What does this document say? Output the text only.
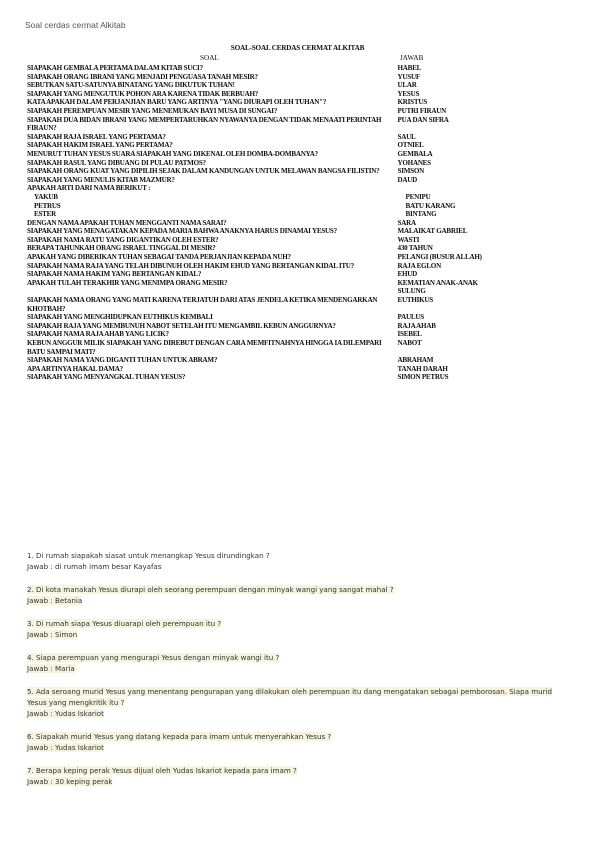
Soal cerdas cermat Alkitab
SOAL-SOAL CERDAS CERMAT ALKITAB
SOAL	JAWAB
SIAPAKAH GEMBALA PERTAMA DALAM KITAB SUCI?	HABEL
SIAPAKAH ORANG IBRANI YANG MENJADI PENGUASA TANAH MESIR?	YUSUF
SEBUTKAN SATU-SATUNYA BINATANG YANG DIKUTUK TUHAN!	ULAR
SIAPAKAH YANG MENGUTUK POHON ARA KARENA TIDAK BERBUAH?	YESUS
KATA APAKAH DALAM PERJANJIAN BARU YANG ARTINYA "YANG DIURAPI OLEH TUHAN"?	KRISTUS
SIAPAKAH PEREMPUAN MESIR YANG MENEMUKAN BAYI MUSA DI SUNGAI?	PUTRI FIRAUN
SIAPAKAH DUA BIDAN IBRANI YANG MEMPERTARUHKAN NYAWANYA DENGAN TIDAK MENAATI PERINTAH FIRAUN?	PUA DAN SIFRA
SIAPAKAH RAJA ISRAEL YANG PERTAMA?	SAUL
SIAPAKAH HAKIM ISRAEL YANG PERTAMA?	OTNIEL
MENURUT TUHAN YESUS SUARA SIAPAKAH YANG DIKENAL OLEH DOMBA-DOMBANYA?	GEMBALA
SIAPAKAH RASUL YANG DIBUANG DI PULAU PATMOS?	YOHANES
SIAPAKAH ORANG KUAT YANG DIPILIH SEJAK DALAM KANDUNGAN UNTUK MELAWAN BANGSA FILISTIN?	SIMSON
SIAPAKAH YANG MENULIS KITAB MAZMUR?	DAUD
APAKAH ARTI DARI NAMA BERIKUT :	
YAKUB	PENIPU
PETRUS	BATU KARANG
ESTER	BINTANG
DENGAN NAMA APAKAH TUHAN MENGGANTI NAMA SARAI?	SARA
SIAPAKAH YANG MENAGATAKAN KEPADA MARIA BAHWA ANAKNYA HARUS DINAMAI YESUS?	MALAIKAT GABRIEL
SIAPAKAH NAMA RATU YANG DIGANTIKAN OLEH ESTER?	WASTI
BERAPA TAHUNKAH ORANG ISRAEL TINGGAL DI MESIR?	430 TAHUN
APAKAH YANG DIBERIKAN TUHAN SEBAGAI TANDA PERJANJIAN KEPADA NUH?	PELANGI (BUSUR ALLAH)
SIAPAKAH NAMA RAJA YANG TELAH DIBUNUH OLEH HAKIM EHUD YANG BERTANGAN KIDAL ITU?	RAJA EGLON
SIAPAKAH NAMA HAKIM YANG BERTANGAN KIDAL?	EHUD
APAKAH TULAH TERAKHIR YANG MENIMPA ORANG MESIR?	KEMATIAN ANAK-ANAK SULUNG
SIAPAKAH NAMA ORANG YANG MATI KARENA TERJATUH DARI ATAS JENDELA KETIKA MENDENGARKAN KHOTBAH?	EUTHIKUS
SIAPAKAH YANG MENGHIDUPKAN EUTHIKUS KEMBALI	PAULUS
SIAPAKAH RAJA YANG MEMBUNUH NABOT SETELAH ITU MENGAMBIL KEBUN ANGGURNYA?	RAJA AHAB
SIAPAKAH NAMA RAJA AHAB YANG LICIK?	ISEBEL
KEBUN ANGGUR MILIK SIAPAKAH YANG DIREBUT DENGAN CARA MEMFITNAHNYA HINGGA IA DILEMPARI BATU SAMPAI MATI?	NABOT
SIAPAKAH NAMA YANG DIGANTI TUHAN UNTUK ABRAM?	ABRAHAM
APA ARTINYA HAKAL DAMA?	TANAH DARAH
SIAPAKAH YANG MENYANGKAL TUHAN YESUS?	SIMON PETRUS
1. Di rumah siapakah siasat untuk menangkap Yesus dirundingkan ?
Jawab : di rumah imam besar Kayafas
2. Di kota manakah Yesus diurapi oleh seorang perempuan dengan minyak wangi yang sangat mahal ?
Jawab : Betania
3. Di rumah siapa Yesus diuarapi oleh perempuan itu ?
Jawab : Simon
4. Siapa perempuan yang mengurapi Yesus dengan minyak wangi itu ?
Jawab : Maria
5. Ada seroang murid Yesus yang menentang pengurapan yang dilakukan oleh perempuan itu dang mengatakan sebagai pemborosan. Siapa murid Yesus yang mengkritik itu ?
Jawab : Yudas Iskariot
6. Siapakah murid Yesus yang datang kepada para imam untuk menyerahkan Yesus ?
Jawab : Yudas Iskariot
7. Berapa keping perak Yesus dijual oleh Yudas Iskariot kepada para imam ?
Jawab : 30 keping perak
